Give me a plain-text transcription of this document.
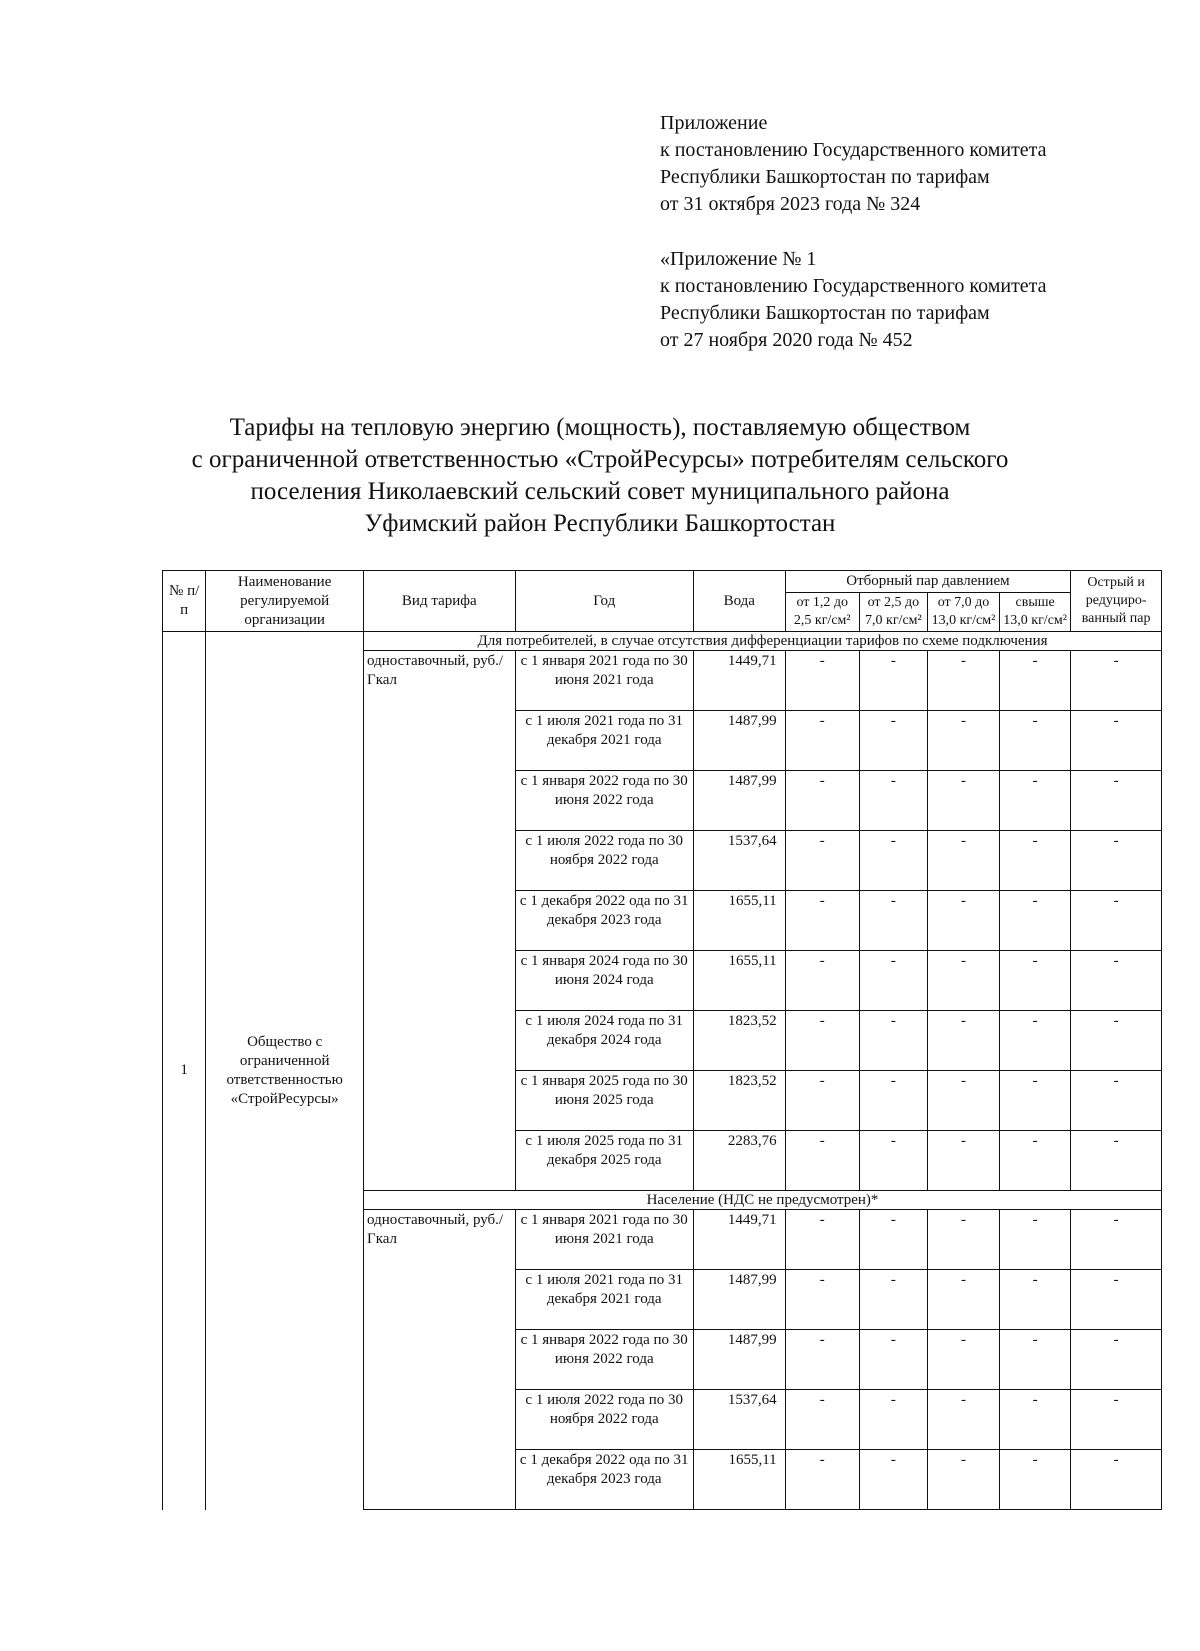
Приложение
к постановлению Государственного комитета
Республики Башкортостан по тарифам
от 31 октября 2023 года № 324
«Приложение № 1
к постановлению Государственного комитета
Республики Башкортостан по тарифам
от 27 ноября 2020 года № 452
Тарифы на тепловую энергию (мощность), поставляемую обществом
с ограниченной ответственностью «СтройРесурсы» потребителям сельского
поселения Николаевский сельский совет муниципального района
Уфимский район Республики Башкортостан
№ п/п	Наименование регулируемой организации	Вид тарифа	Год	Вода	Отборный пар давлением				Острый и редуциро-ванный пар
					от 1,2 до 2,5 кг/см²	от 2,5 до 7,0 кг/см²	от 7,0 до 13,0 кг/см²	свыше 13,0 кг/см²	
1	Общество с ограниченной ответственностью «СтройРесурсы»	Для потребителей, в случае отсутствия дифференциации тарифов по схеме подключения							
		одноставочный, руб./Гкал	с 1 января 2021 года по 30 июня 2021 года	1449,71	-	-	-	-	-
			с 1 июля 2021 года по 31 декабря 2021 года	1487,99	-	-	-	-	-
			с 1 января 2022 года по 30 июня 2022 года	1487,99	-	-	-	-	-
			с 1 июля 2022 года по 30 ноября 2022 года	1537,64	-	-	-	-	-
			с 1 декабря 2022 ода по 31 декабря 2023 года	1655,11	-	-	-	-	-
			с 1 января 2024 года по 30 июня 2024 года	1655,11	-	-	-	-	-
			с 1 июля 2024 года по 31 декабря 2024 года	1823,52	-	-	-	-	-
			с 1 января 2025 года по 30 июня 2025 года	1823,52	-	-	-	-	-
			с 1 июля 2025 года по 31 декабря 2025 года	2283,76	-	-	-	-	-
		Население (НДС не предусмотрен)*							
		одноставочный, руб./Гкал	с 1 января 2021 года по 30 июня 2021 года	1449,71	-	-	-	-	-
			с 1 июля 2021 года по 31 декабря 2021 года	1487,99	-	-	-	-	-
			с 1 января 2022 года по 30 июня 2022 года	1487,99	-	-	-	-	-
			с 1 июля 2022 года по 30 ноября 2022 года	1537,64	-	-	-	-	-
			с 1 декабря 2022 ода по 31 декабря 2023 года	1655,11	-	-	-	-	-
